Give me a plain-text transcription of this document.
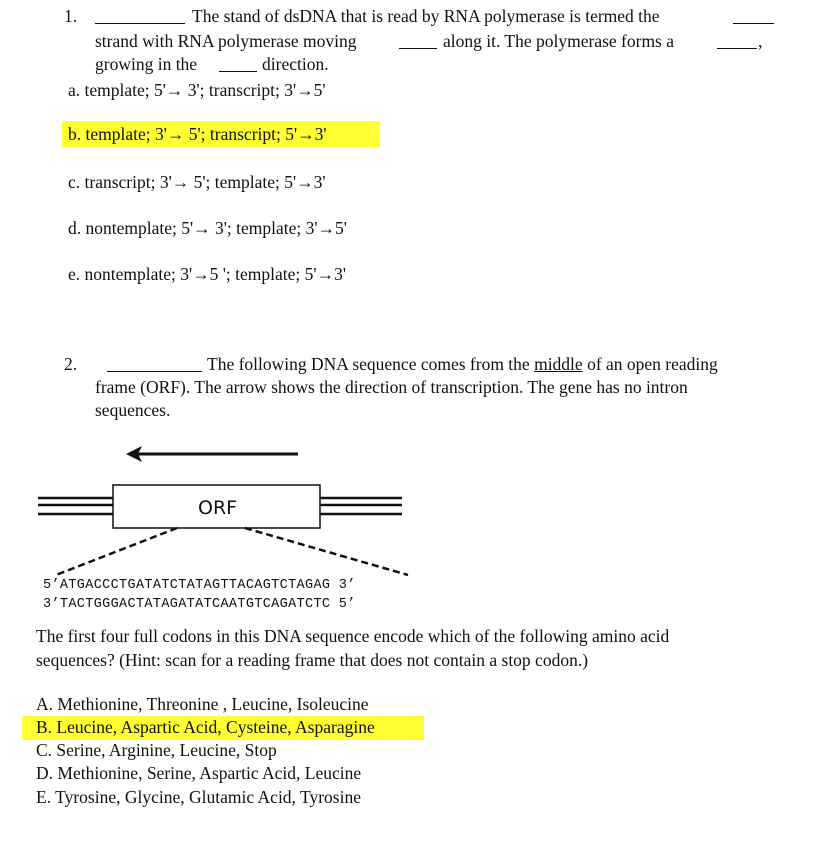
1.	The stand of dsDNA that is read by RNA polymerase is termed the
strand with RNA polymerase moving	along it. The polymerase forms a	,
growing in the	direction.
a. template; 5'→ 3'; transcript; 3'→5'
b. template; 3'→ 5'; transcript; 5'→3'
c. transcript; 3'→ 5'; template; 5'→3'
d. nontemplate; 5'→ 3'; template; 3'→5'
e. nontemplate; 3'→5 '; template; 5'→3'
2.	The following DNA sequence comes from the middle of an open reading
frame (ORF). The arrow shows the direction of transcription. The gene has no intron
sequences.
ORF
5’ATGACCCTGATATCTATAGTTACAGTCTAGAG 3’
3’TACTGGGACTATAGATATCAATGTCAGATCTC 5’
The first four full codons in this DNA sequence encode which of the following amino acid
sequences? (Hint: scan for a reading frame that does not contain a stop codon.)
A. Methionine, Threonine , Leucine, Isoleucine
B. Leucine, Aspartic Acid, Cysteine, Asparagine
C. Serine, Arginine, Leucine, Stop
D. Methionine, Serine, Aspartic Acid, Leucine
E. Tyrosine, Glycine, Glutamic Acid, Tyrosine
